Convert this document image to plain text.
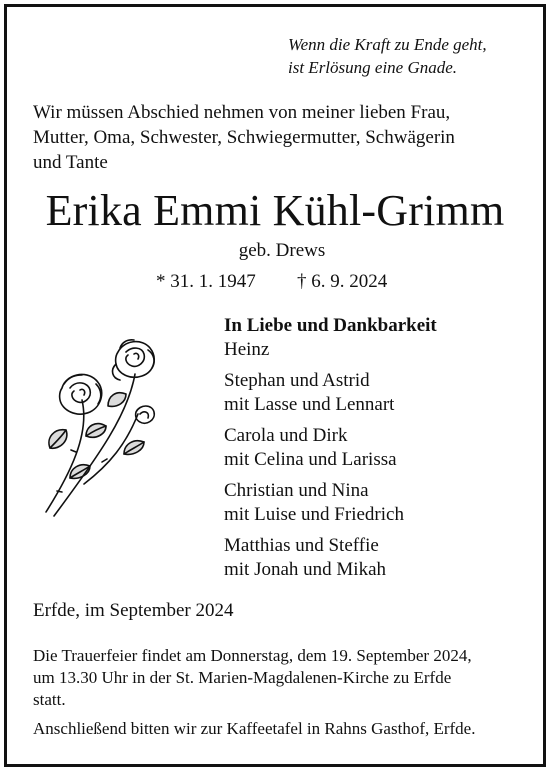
Wenn die Kraft zu Ende geht,
ist Erlösung eine Gnade.
Wir müssen Abschied nehmen von meiner lieben Frau,
Mutter, Oma, Schwester, Schwiegermutter, Schwägerin
und Tante
Erika Emmi Kühl-Grimm
geb. Drews
* 31. 1. 1947 † 6. 9. 2024
In Liebe und Dankbarkeit
Heinz
Stephan und Astrid
mit Lasse und Lennart
Carola und Dirk
mit Celina und Larissa
Christian und Nina
mit Luise und Friedrich
Matthias und Steffie
mit Jonah und Mikah
Erfde, im September 2024
Die Trauerfeier findet am Donnerstag, dem 19. September 2024,
um 13.30 Uhr in der St. Marien-Magdalenen-Kirche zu Erfde
statt.
Anschließend bitten wir zur Kaffeetafel in Rahns Gasthof, Erfde.
